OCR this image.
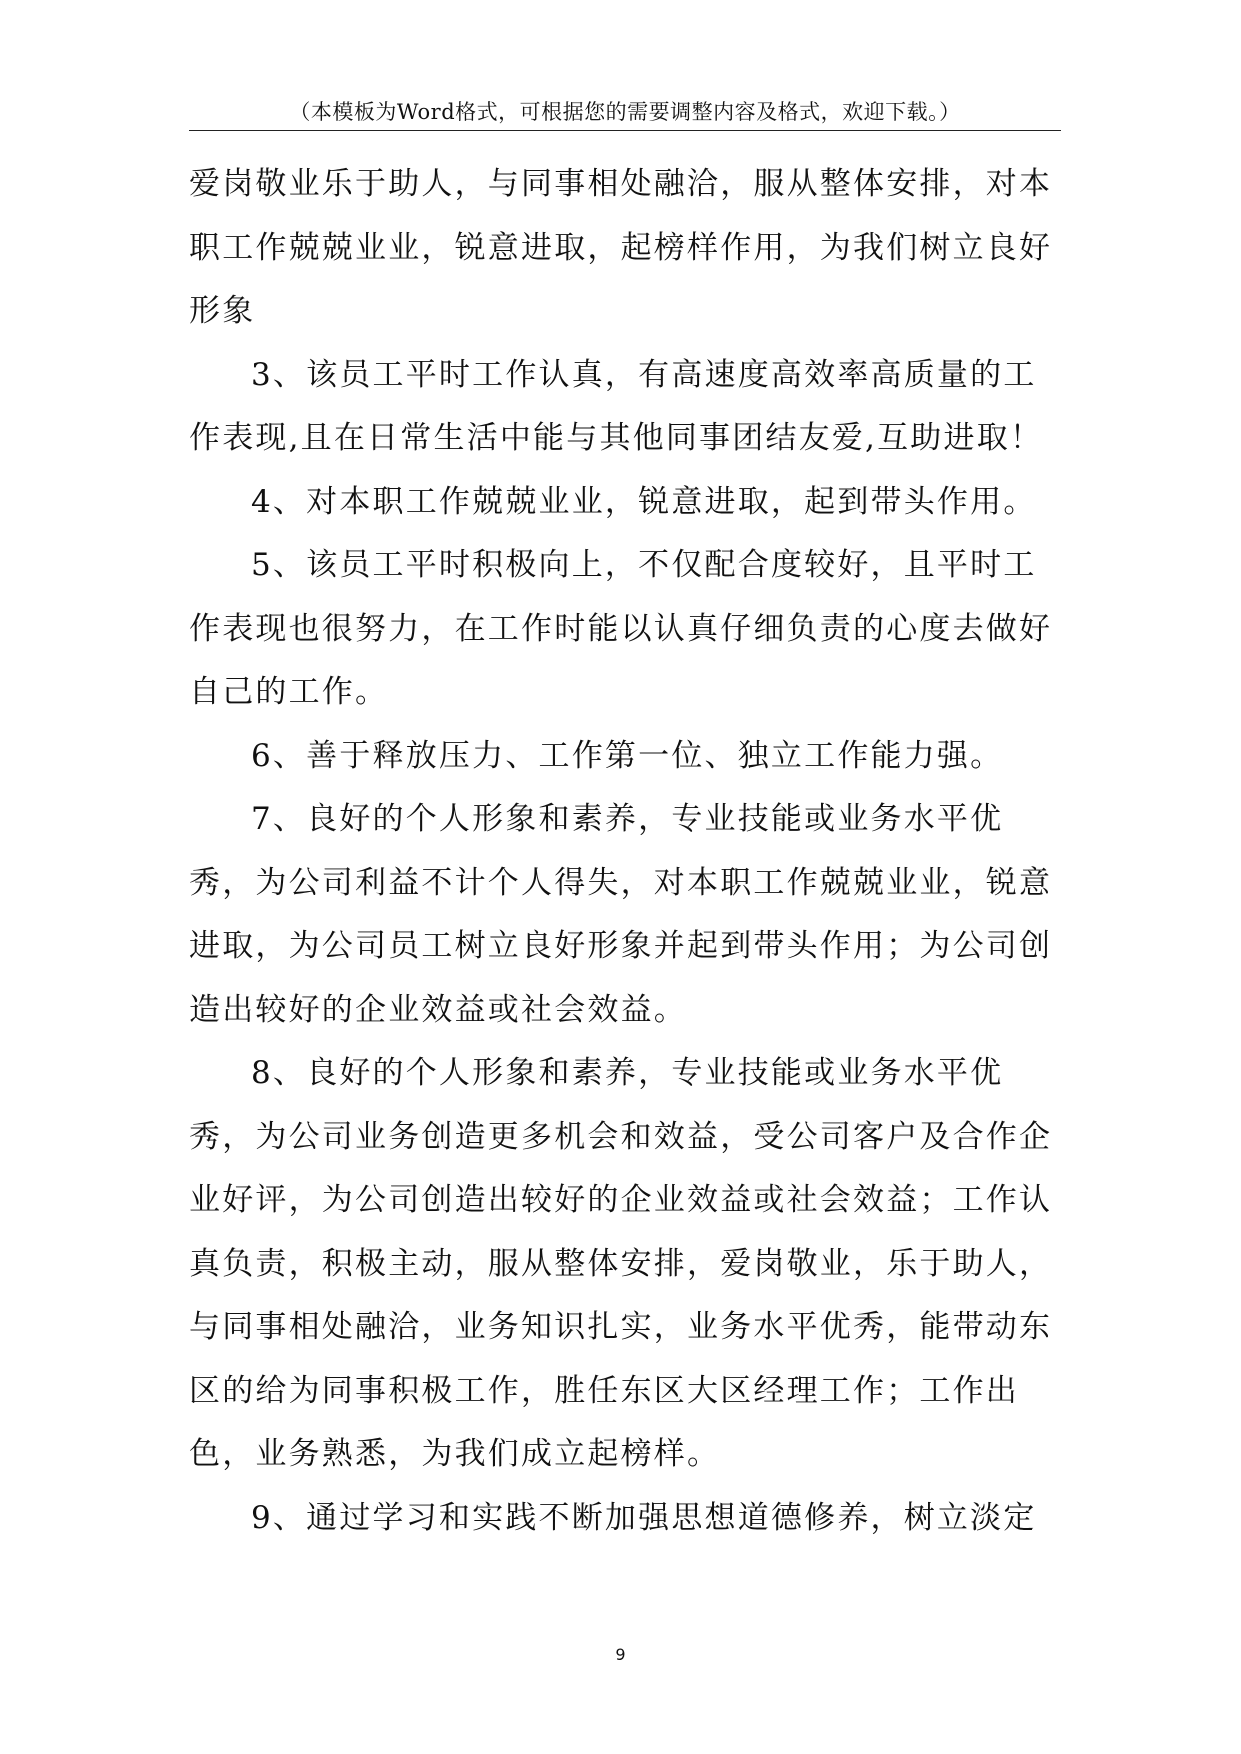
（本模板为Word格式，可根据您的需要调整内容及格式，欢迎下载。）

爱岗敬业乐于助人，与同事相处融洽，服从整体安排，对本职工作兢兢业业，锐意进取，起榜样作用，为我们树立良好形象

3、该员工平时工作认真，有高速度高效率高质量的工作表现,且在日常生活中能与其他同事团结友爱,互助进取！

4、对本职工作兢兢业业，锐意进取，起到带头作用。

5、该员工平时积极向上，不仅配合度较好，且平时工作表现也很努力，在工作时能以认真仔细负责的心度去做好自己的工作。

6、善于释放压力、工作第一位、独立工作能力强。

7、良好的个人形象和素养，专业技能或业务水平优秀，为公司利益不计个人得失，对本职工作兢兢业业，锐意进取，为公司员工树立良好形象并起到带头作用；为公司创造出较好的企业效益或社会效益。

8、良好的个人形象和素养，专业技能或业务水平优秀，为公司业务创造更多机会和效益，受公司客户及合作企业好评，为公司创造出较好的企业效益或社会效益；工作认真负责，积极主动，服从整体安排，爱岗敬业，乐于助人，与同事相处融洽，业务知识扎实，业务水平优秀，能带动东区的给为同事积极工作，胜任东区大区经理工作；工作出色，业务熟悉，为我们成立起榜样。

9、通过学习和实践不断加强思想道德修养，树立淡定

9
